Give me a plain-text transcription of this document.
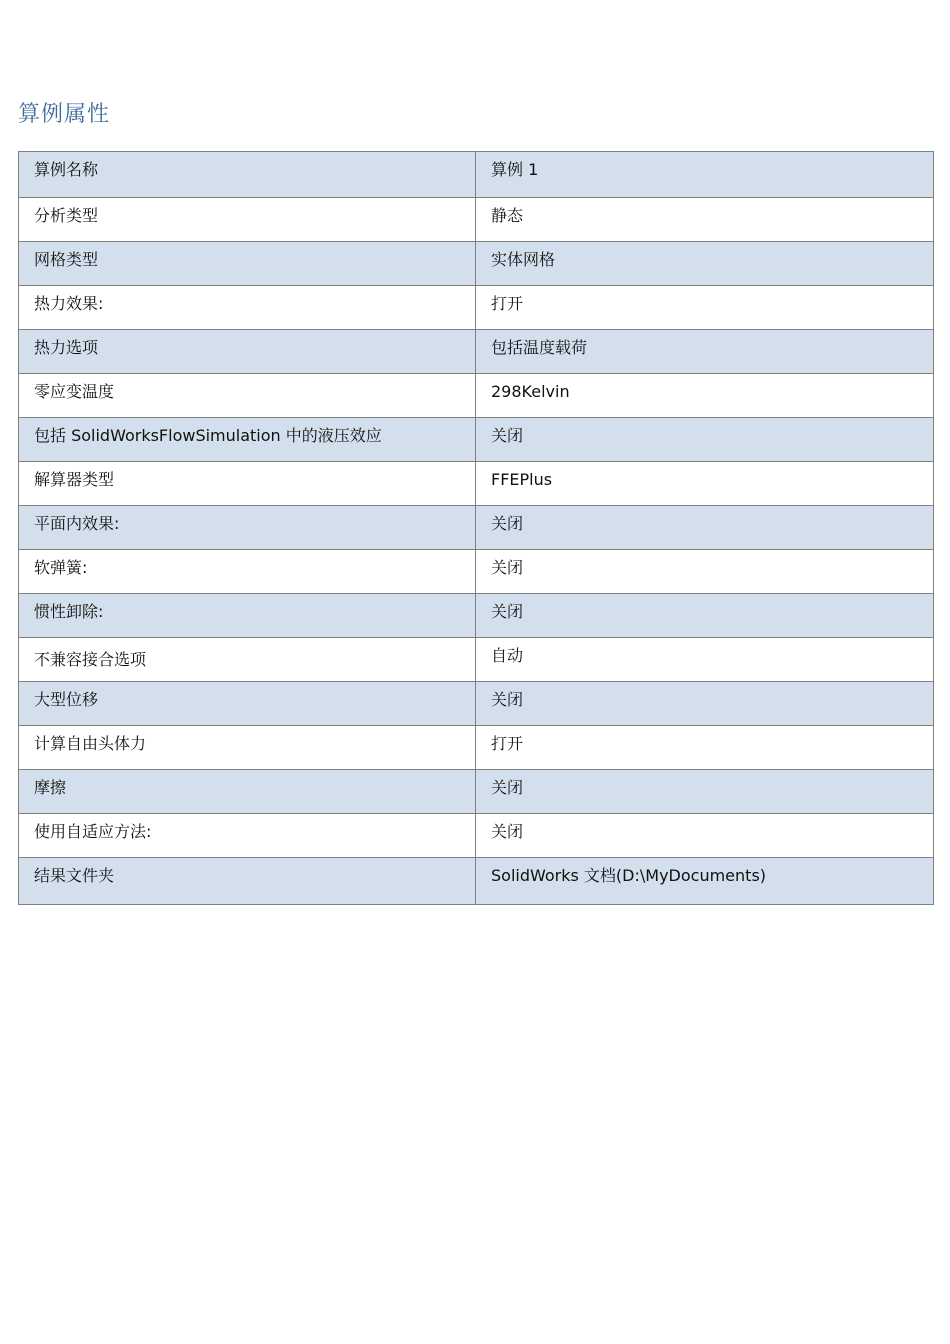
算例属性
算例名称	算例 1
分析类型	静态
网格类型	实体网格
热力效果:	打开
热力选项	包括温度载荷
零应变温度	298Kelvin
包括 SolidWorksFlowSimulation 中的液压效应	关闭
解算器类型	FFEPlus
平面内效果:	关闭
软弹簧:	关闭
惯性卸除:	关闭
不兼容接合选项	自动
大型位移	关闭
计算自由头体力	打开
摩擦	关闭
使用自适应方法:	关闭
结果文件夹	SolidWorks 文档(D:\MyDocuments)
